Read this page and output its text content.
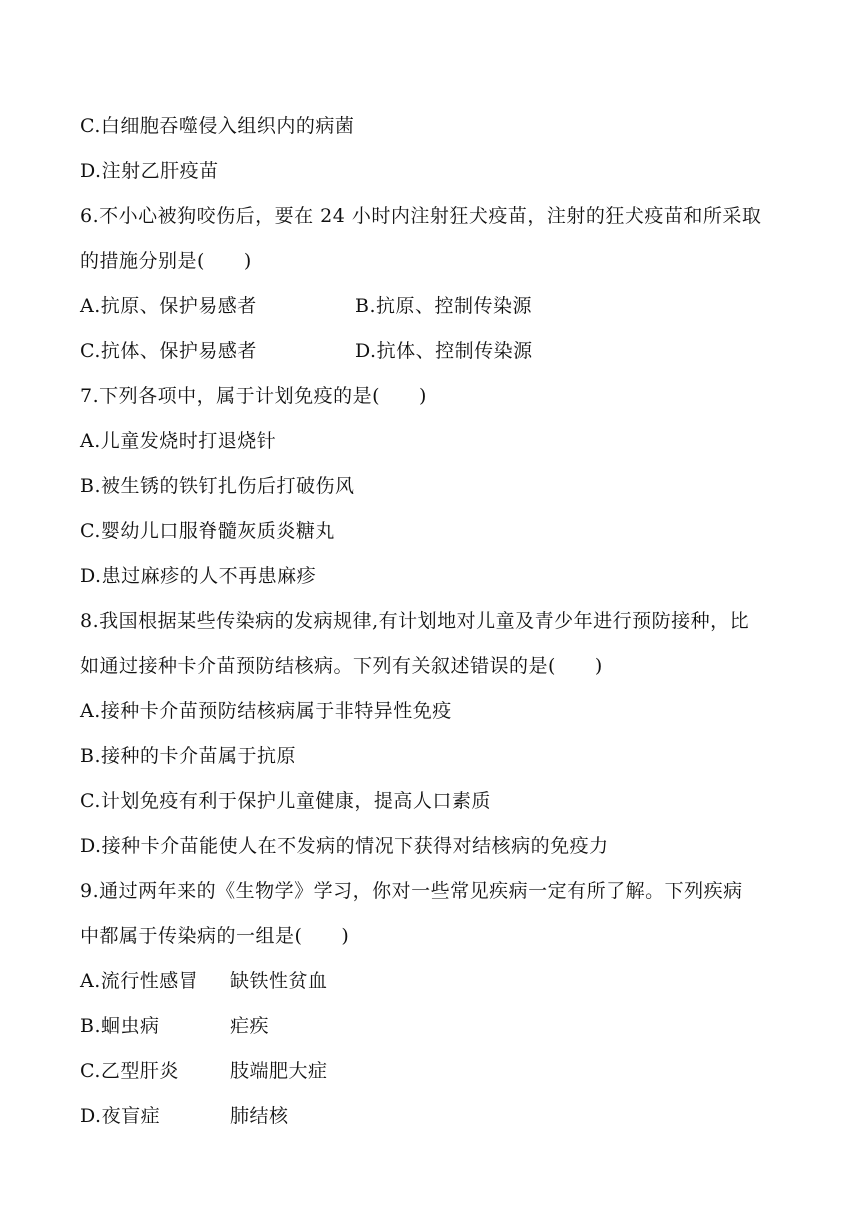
C.白细胞吞噬侵入组织内的病菌
D.注射乙肝疫苗
6.不小心被狗咬伤后，要在 24 小时内注射狂犬疫苗，注射的狂犬疫苗和所采取
的措施分别是(　　)
A.抗原、保护易感者	B.抗原、控制传染源
C.抗体、保护易感者	D.抗体、控制传染源
7.下列各项中，属于计划免疫的是(　　)
A.儿童发烧时打退烧针
B.被生锈的铁钉扎伤后打破伤风
C.婴幼儿口服脊髓灰质炎糖丸
D.患过麻疹的人不再患麻疹
8.我国根据某些传染病的发病规律,有计划地对儿童及青少年进行预防接种，比
如通过接种卡介苗预防结核病。下列有关叙述错误的是(　　)
A.接种卡介苗预防结核病属于非特异性免疫
B.接种的卡介苗属于抗原
C.计划免疫有利于保护儿童健康，提高人口素质
D.接种卡介苗能使人在不发病的情况下获得对结核病的免疫力
9.通过两年来的《生物学》学习，你对一些常见疾病一定有所了解。下列疾病
中都属于传染病的一组是(　　)
A.流行性感冒 缺铁性贫血
B.蛔虫病	疟疾
C.乙型肝炎	肢端肥大症
D.夜盲症	肺结核
